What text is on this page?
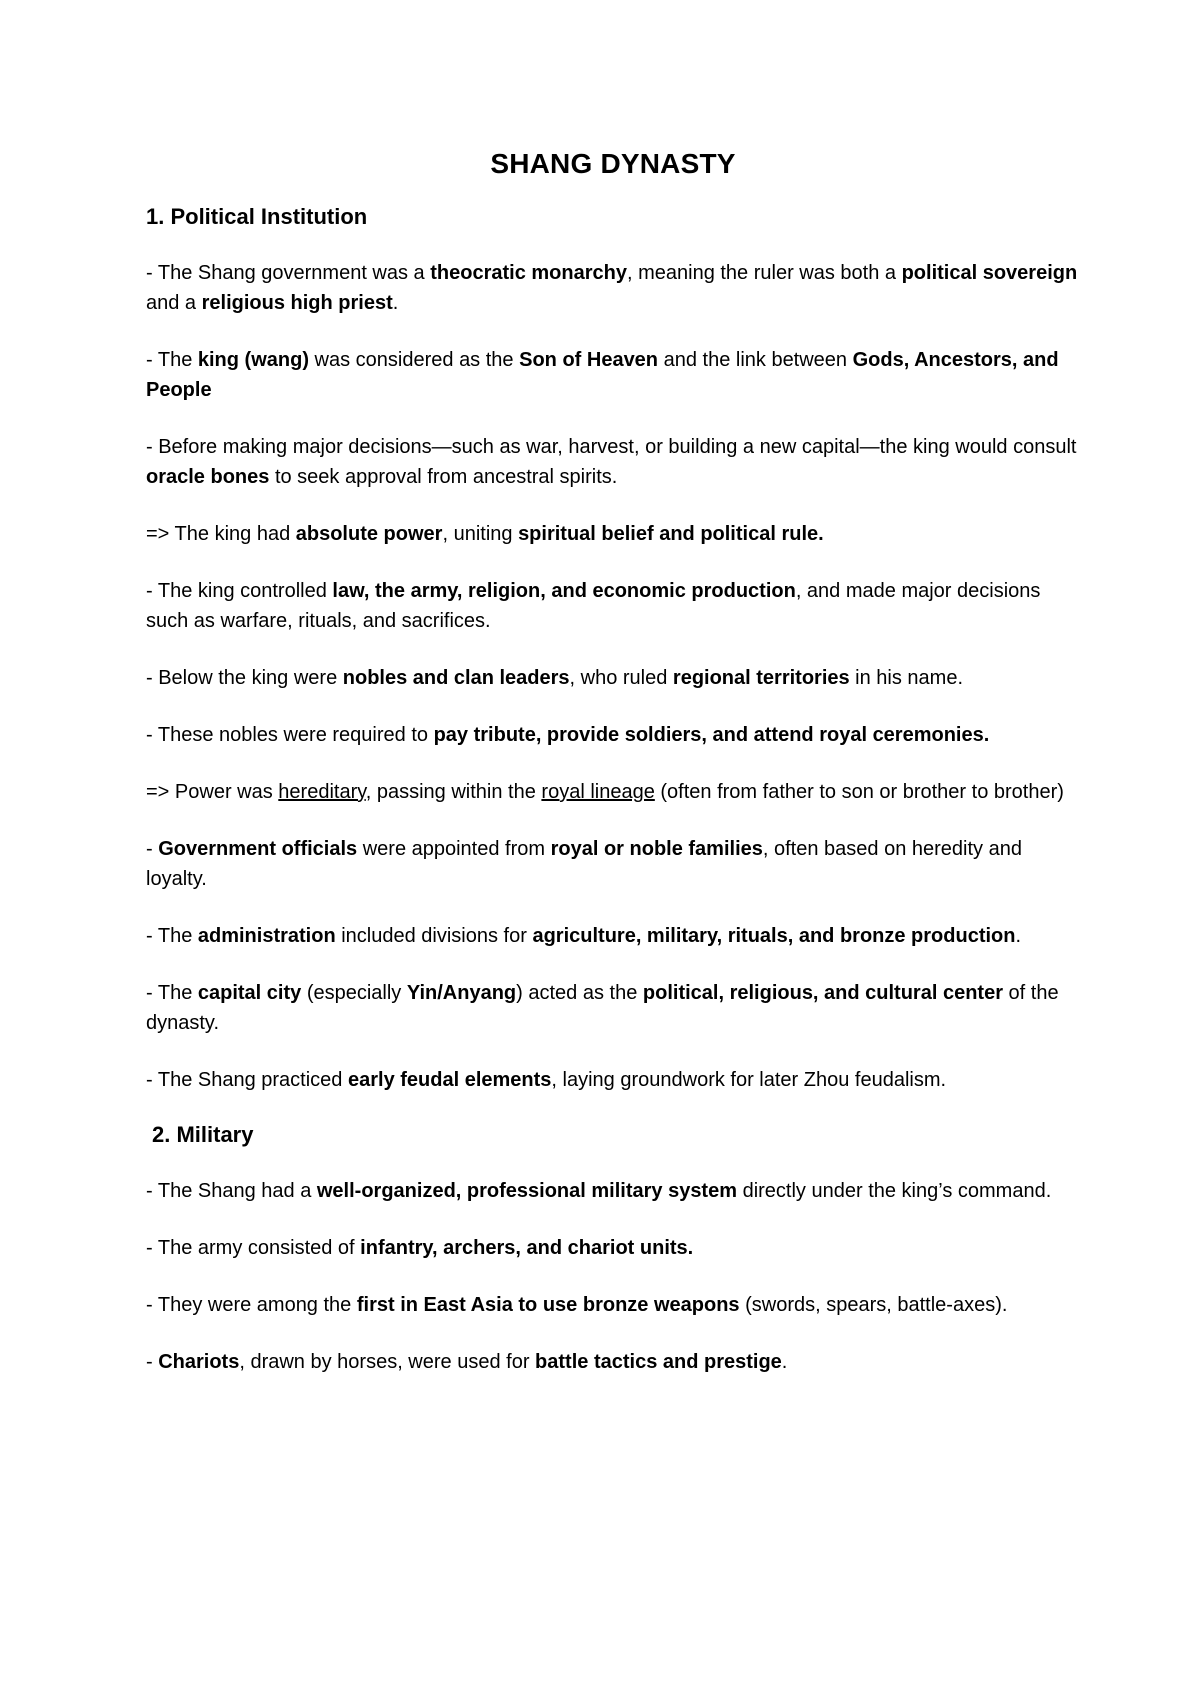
SHANG DYNASTY
1. Political Institution
- The Shang government was a theocratic monarchy, meaning the ruler was both a political sovereign and a religious high priest.
- The king (wang) was considered as the Son of Heaven and the link between Gods, Ancestors, and People
- Before making major decisions—such as war, harvest, or building a new capital—the king would consult oracle bones to seek approval from ancestral spirits.
=> The king had absolute power, uniting spiritual belief and political rule.
- The king controlled law, the army, religion, and economic production, and made major decisions such as warfare, rituals, and sacrifices.
- Below the king were nobles and clan leaders, who ruled regional territories in his name.
- These nobles were required to pay tribute, provide soldiers, and attend royal ceremonies.
=> Power was hereditary, passing within the royal lineage (often from father to son or brother to brother)
- Government officials were appointed from royal or noble families, often based on heredity and loyalty.
- The administration included divisions for agriculture, military, rituals, and bronze production.
- The capital city (especially Yin/Anyang) acted as the political, religious, and cultural center of the dynasty.
- The Shang practiced early feudal elements, laying groundwork for later Zhou feudalism.
2. Military
- The Shang had a well-organized, professional military system directly under the king’s command.
- The army consisted of infantry, archers, and chariot units.
- They were among the first in East Asia to use bronze weapons (swords, spears, battle-axes).
- Chariots, drawn by horses, were used for battle tactics and prestige.
